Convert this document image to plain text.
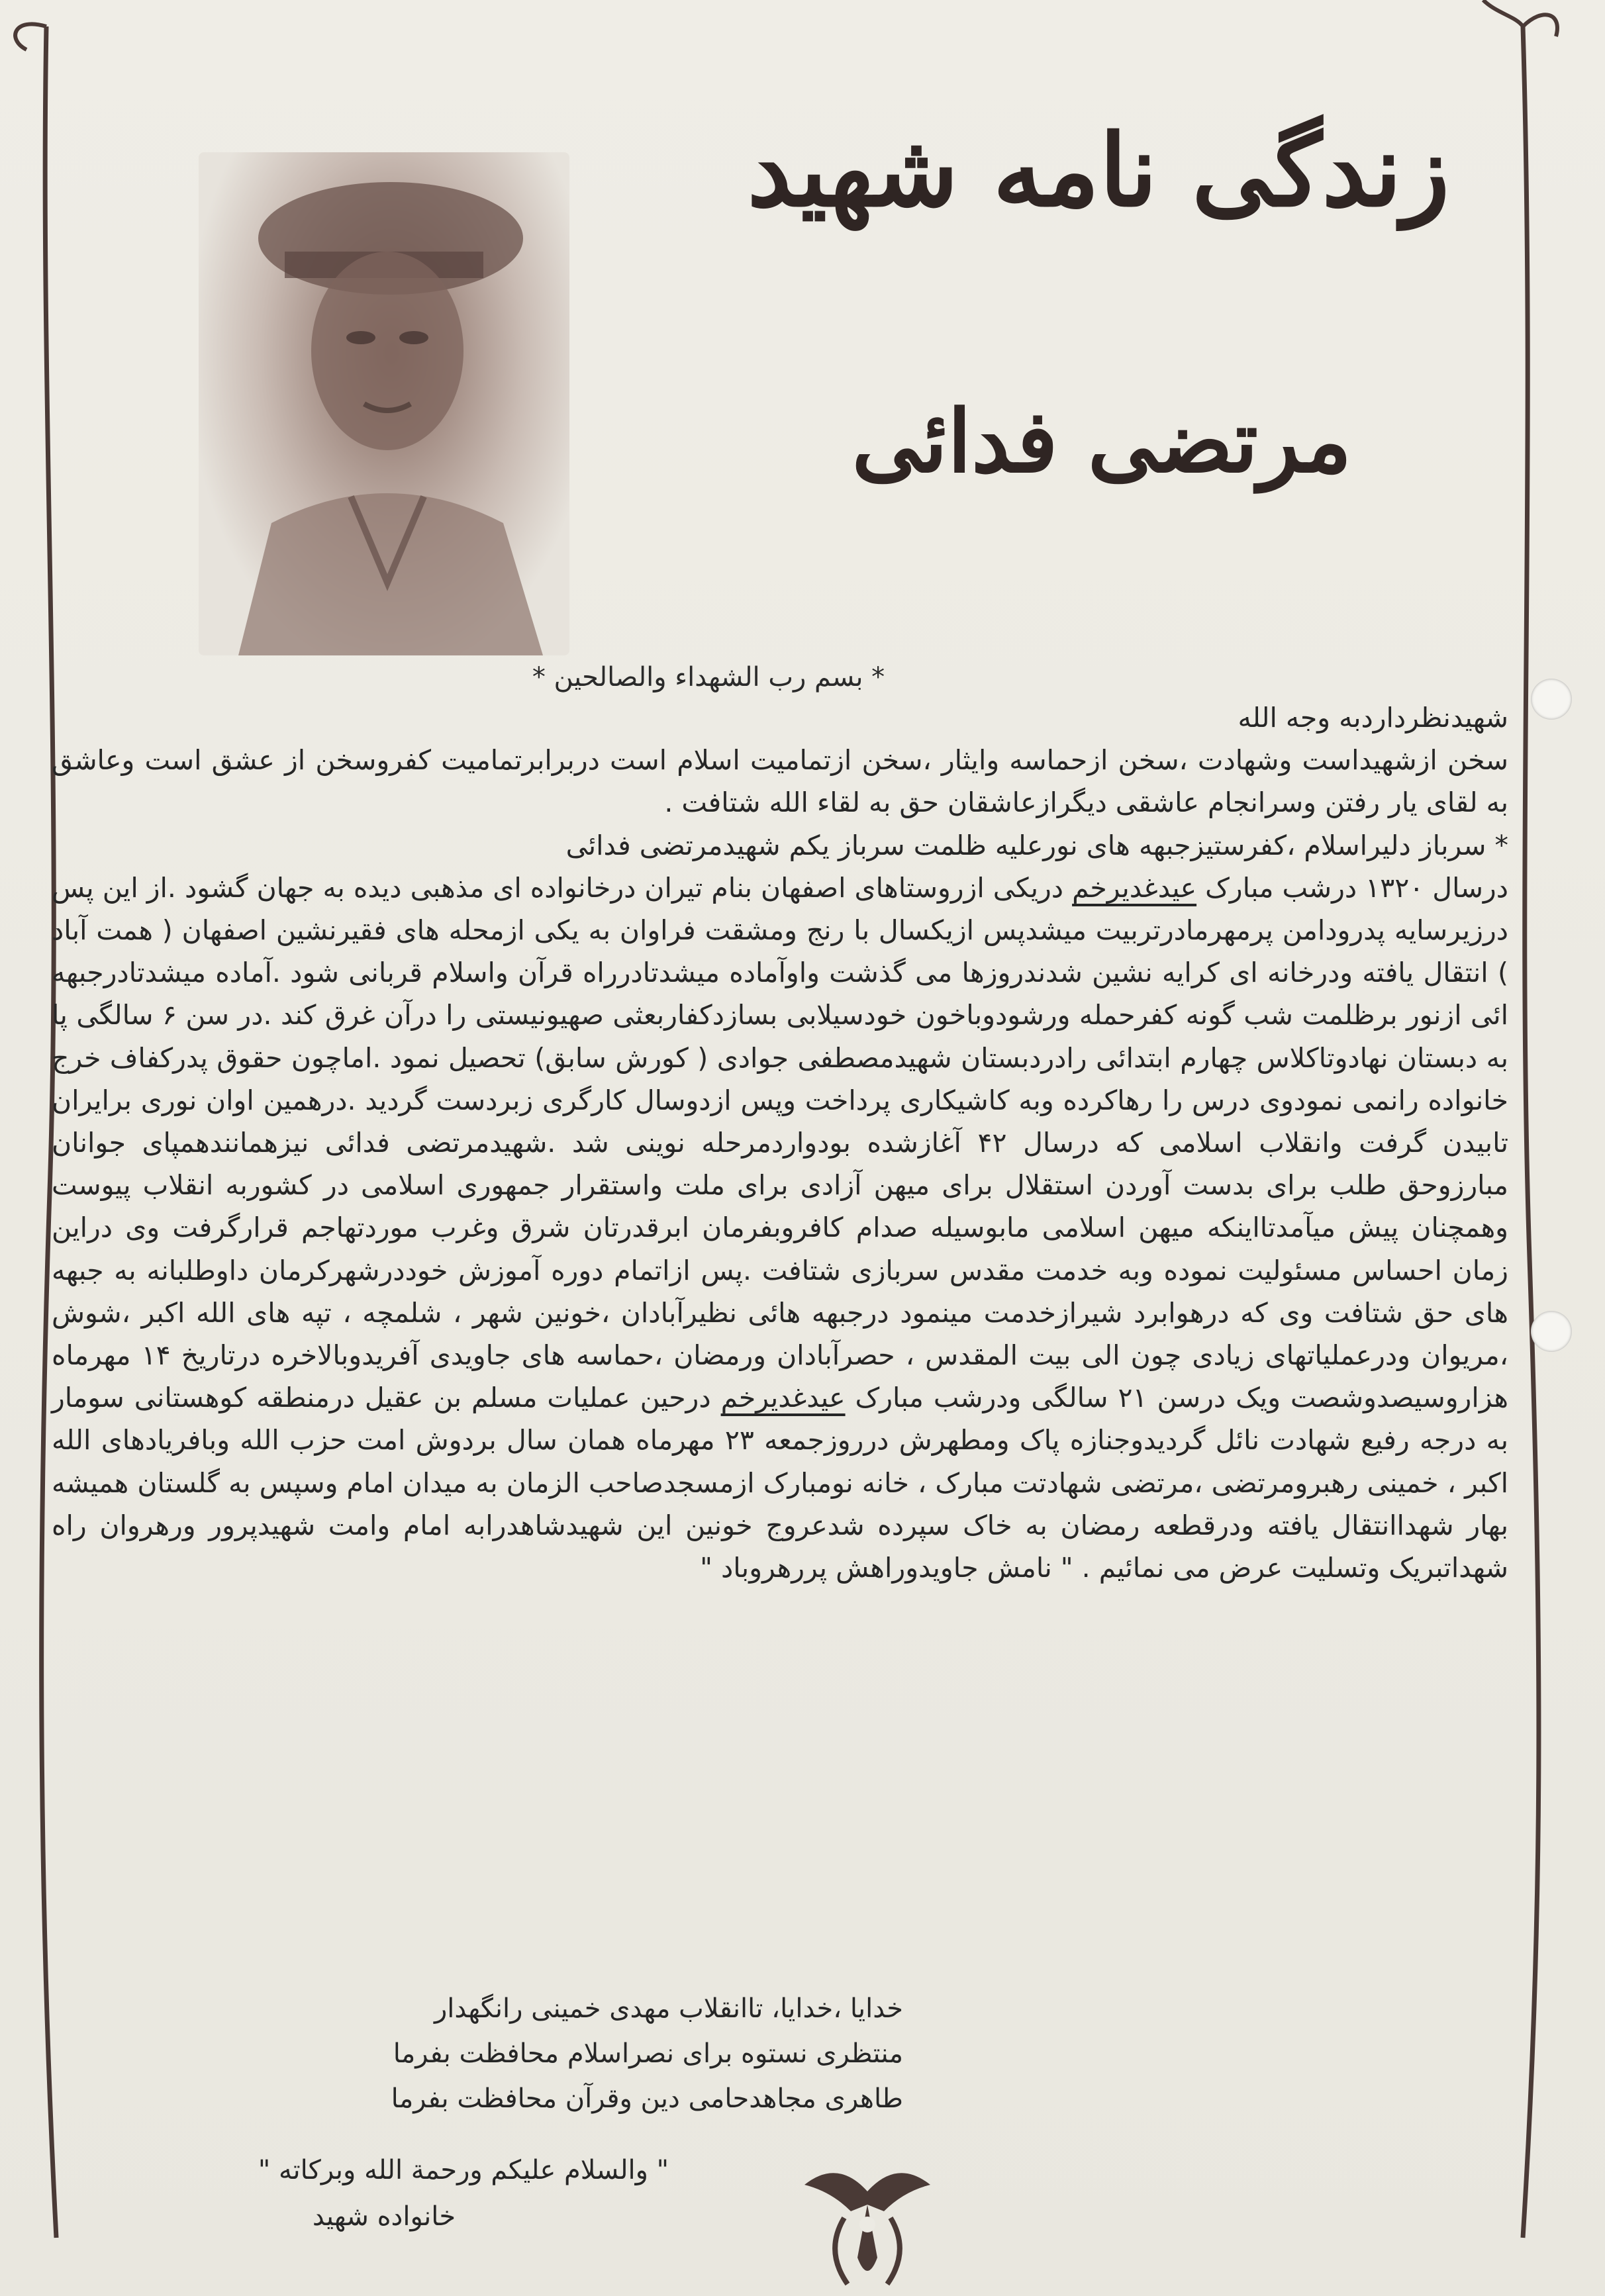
زندگی نامه شهید
مرتضی فدائی
* بسم رب الشهداء والصالحین *

شهیدنظرداردبه وجه الله

سخن ازشهیداست وشهادت ،سخن ازحماسه وایثار ،سخن ازتمامیت اسلام است دربرابرتمامیت کفروسخن از عشق است وعاشق به لقای یار رفتن وسرانجام عاشقی دیگرازعاشقان حق به لقاء الله شتافت .

* سرباز دلیراسلام ،کفرستیزجبهه های نورعلیه ظلمت سرباز یکم شهیدمرتضی فدائی

درسال ۱۳۲۰ درشب مبارک عیدغدیرخم دریکی ازروستاهای اصفهان بنام تیران درخانواده ای مذهبی دیده به جهان گشود .از این پس درزیرسایه پدرودامن پرمهرمادرتربیت میشدپس ازیکسال با رنج ومشقت فراوان به یکی ازمحله های فقیرنشین اصفهان ( همت آباد ) انتقال یافته ودرخانه ای کرایه نشین شدندروزها می گذشت واوآماده میشدتادرراه قرآن واسلام قربانی شود .آماده میشدتادرجبهه ائی ازنور برظلمت شب گونه کفرحمله ورشودوباخون خودسیلابی بسازدکفاربعثی صهیونیستی را درآن غرق کند .در سن ۶ سالگی پا به دبستان نهادوتاکلاس چهارم ابتدائی رادردبستان شهیدمصطفی جوادی ( کورش سابق) تحصیل نمود .اماچون حقوق پدرکفاف خرج خانواده رانمی نمودوی درس را رهاکرده وبه کاشیکاری پرداخت وپس ازدوسال کارگری زبردست گردید .درهمین اوان نوری برایران تابیدن گرفت وانقلاب اسلامی که درسال ۴۲ آغازشده بودواردمرحله نوینی شد .شهیدمرتضی فدائی نیزهمانندهمپای جوانان مبارزوحق طلب برای بدست آوردن استقلال برای میهن آزادی برای ملت واستقرار جمهوری اسلامی در کشوربه انقلاب پیوست وهمچنان پیش میآمدتااینکه میهن اسلامی مابوسیله صدام کافروبفرمان ابرقدرتان شرق وغرب موردتهاجم قرارگرفت وی دراین زمان احساس مسئولیت نموده وبه خدمت مقدس سربازی شتافت .پس ازاتمام دوره آموزش خوددرشهرکرمان داوطلبانه به جبهه های حق شتافت وی که درهوابرد شیرازخدمت مینمود درجبهه هائی نظیرآبادان ،خونین شهر ، شلمچه ، تپه های الله اکبر ،شوش ،مریوان ودرعملیاتهای زیادی چون الی بیت المقدس ، حصرآبادان ورمضان ،حماسه های جاویدی آفریدوبالاخره درتاریخ ۱۴ مهرماه هزاروسیصدوشصت ویک درسن ۲۱ سالگی ودرشب مبارک عیدغدیرخم درحین عملیات مسلم بن عقیل درمنطقه کوهستانی سومار به درجه رفیع شهادت نائل گردیدوجنازه پاک ومطهرش درروزجمعه ۲۳ مهرماه همان سال بردوش امت حزب الله وبافریادهای الله اکبر ، خمینی رهبرومرتضی ،مرتضی شهادتت مبارک ، خانه نومبارک ازمسجدصاحب الزمان به میدان امام وسپس به گلستان همیشه بهار شهداانتقال یافته ودرقطعه رمضان به خاک سپرده شدعروج خونین این شهیدشاهدرابه امام وامت شهیدپرور ورهروان راه شهداتبریک وتسلیت عرض می نمائیم . " نامش جاویدوراهش پررهروباد "

خدایا ،خدایا، تاانقلاب مهدی خمینی رانگهدار
منتظری نستوه برای نصراسلام محافظت بفرما
طاهری مجاهدحامی دین وقرآن محافظت بفرما
" والسلام علیکم ورحمة الله وبرکاته "
خانواده شهید
